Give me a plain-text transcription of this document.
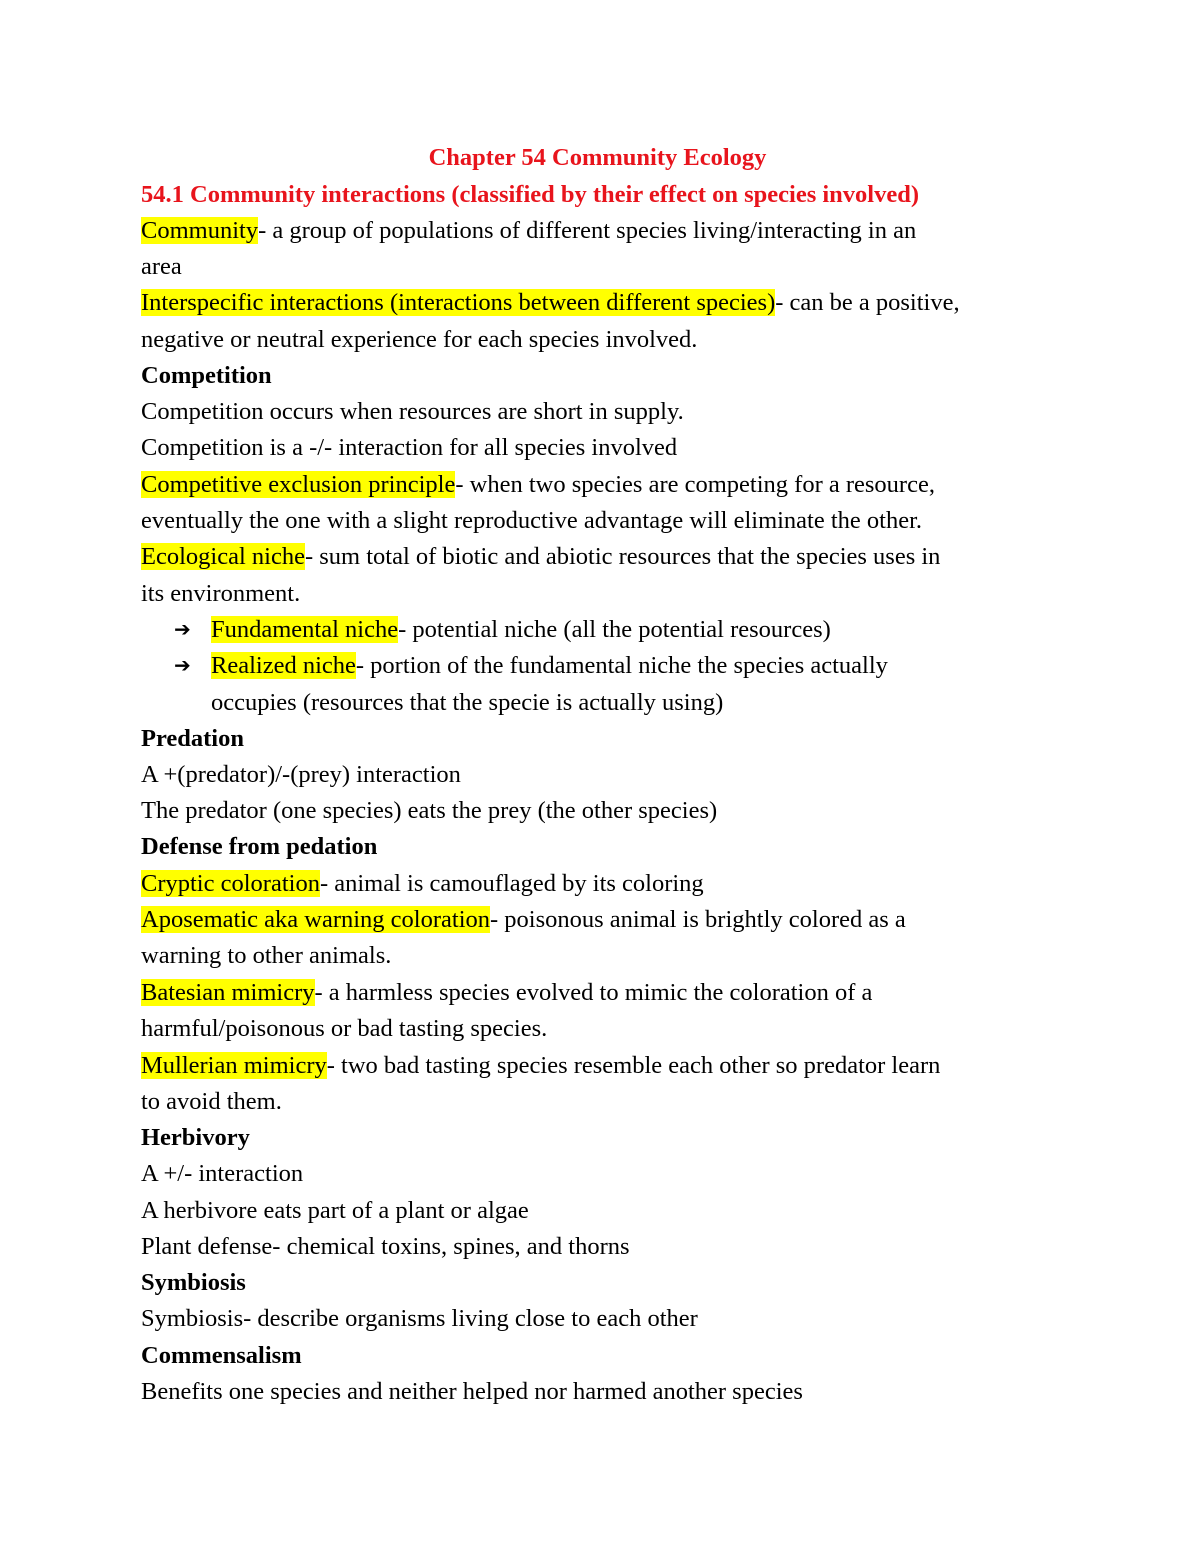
Chapter 54 Community Ecology
54.1 Community interactions (classified by their effect on species involved)
Community- a group of populations of different species living/interacting in an
area
Interspecific interactions (interactions between different species)- can be a positive,
negative or neutral experience for each species involved.
Competition
Competition occurs when resources are short in supply.
Competition is a -/- interaction for all species involved
Competitive exclusion principle- when two species are competing for a resource,
eventually the one with a slight reproductive advantage will eliminate the other.
Ecological niche- sum total of biotic and abiotic resources that the species uses in
its environment.
➔ Fundamental niche- potential niche (all the potential resources)
➔ Realized niche- portion of the fundamental niche the species actually
occupies (resources that the specie is actually using)
Predation
A +(predator)/-(prey) interaction
The predator (one species) eats the prey (the other species)
Defense from pedation
Cryptic coloration- animal is camouflaged by its coloring
Aposematic aka warning coloration- poisonous animal is brightly colored as a
warning to other animals.
Batesian mimicry- a harmless species evolved to mimic the coloration of a
harmful/poisonous or bad tasting species.
Mullerian mimicry- two bad tasting species resemble each other so predator learn
to avoid them.
Herbivory
A +/- interaction
A herbivore eats part of a plant or algae
Plant defense- chemical toxins, spines, and thorns
Symbiosis
Symbiosis- describe organisms living close to each other
Commensalism
Benefits one species and neither helped nor harmed another species
